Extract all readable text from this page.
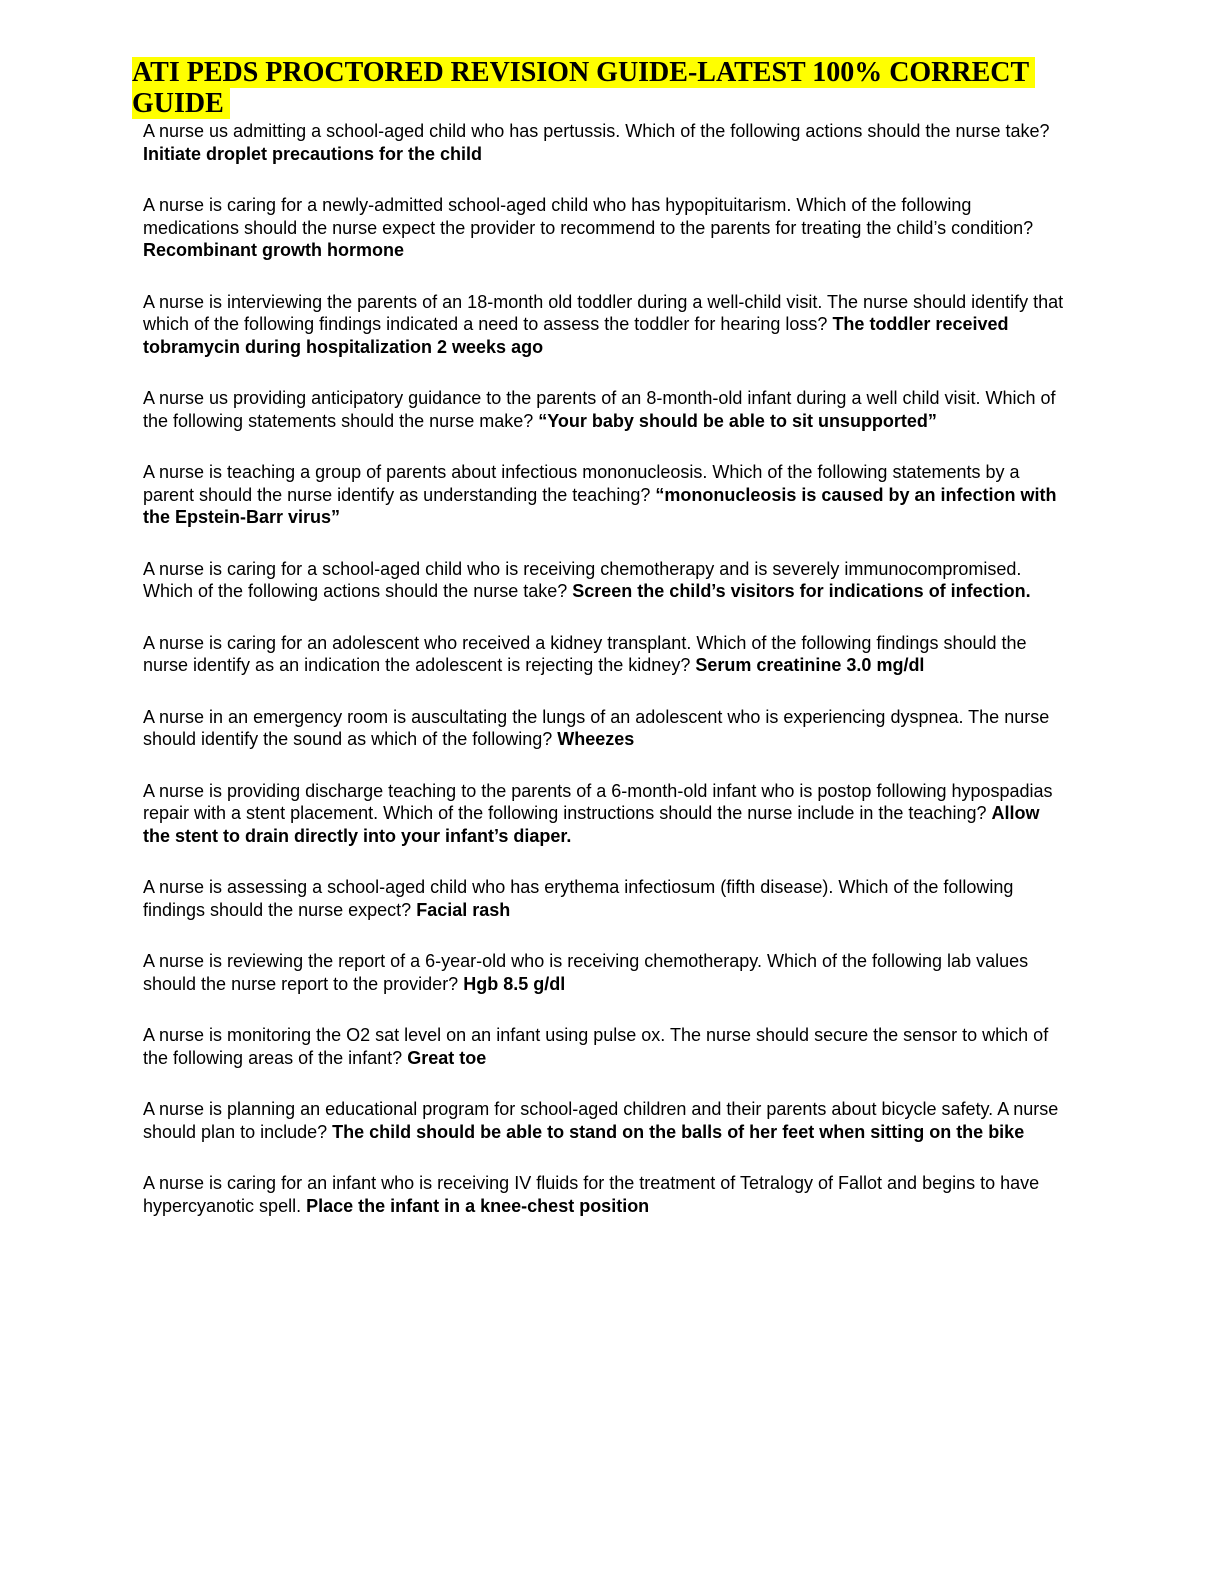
ATI PEDS PROCTORED REVISION GUIDE-LATEST 100% CORRECT GUIDE
A nurse us admitting a school-aged child who has pertussis. Which of the following actions should the nurse take? Initiate droplet precautions for the child
A nurse is caring for a newly-admitted school-aged child who has hypopituitarism. Which of the following medications should the nurse expect the provider to recommend to the parents for treating the child’s condition? Recombinant growth hormone
A nurse is interviewing the parents of an 18-month old toddler during a well-child visit. The nurse should identify that which of the following findings indicated a need to assess the toddler for hearing loss? The toddler received tobramycin during hospitalization 2 weeks ago
A nurse us providing anticipatory guidance to the parents of an 8-month-old infant during a well child visit. Which of the following statements should the nurse make? “Your baby should be able to sit unsupported”
A nurse is teaching a group of parents about infectious mononucleosis. Which of the following statements by a parent should the nurse identify as understanding the teaching? “mononucleosis is caused by an infection with the Epstein-Barr virus”
A nurse is caring for a school-aged child who is receiving chemotherapy and is severely immunocompromised. Which of the following actions should the nurse take? Screen the child’s visitors for indications of infection.
A nurse is caring for an adolescent who received a kidney transplant. Which of the following findings should the nurse identify as an indication the adolescent is rejecting the kidney? Serum creatinine 3.0 mg/dl
A nurse in an emergency room is auscultating the lungs of an adolescent who is experiencing dyspnea. The nurse should identify the sound as which of the following? Wheezes
A nurse is providing discharge teaching to the parents of a 6-month-old infant who is postop following hypospadias repair with a stent placement. Which of the following instructions should the nurse include in the teaching? Allow the stent to drain directly into your infant’s diaper.
A nurse is assessing a school-aged child who has erythema infectiosum (fifth disease). Which of the following findings should the nurse expect? Facial rash
A nurse is reviewing the report of a 6-year-old who is receiving chemotherapy. Which of the following lab values should the nurse report to the provider? Hgb 8.5 g/dl
A nurse is monitoring the O2 sat level on an infant using pulse ox. The nurse should secure the sensor to which of the following areas of the infant? Great toe
A nurse is planning an educational program for school-aged children and their parents about bicycle safety. A nurse should plan to include? The child should be able to stand on the balls of her feet when sitting on the bike
A nurse is caring for an infant who is receiving IV fluids for the treatment of Tetralogy of Fallot and begins to have hypercyanotic spell. Place the infant in a knee-chest position
